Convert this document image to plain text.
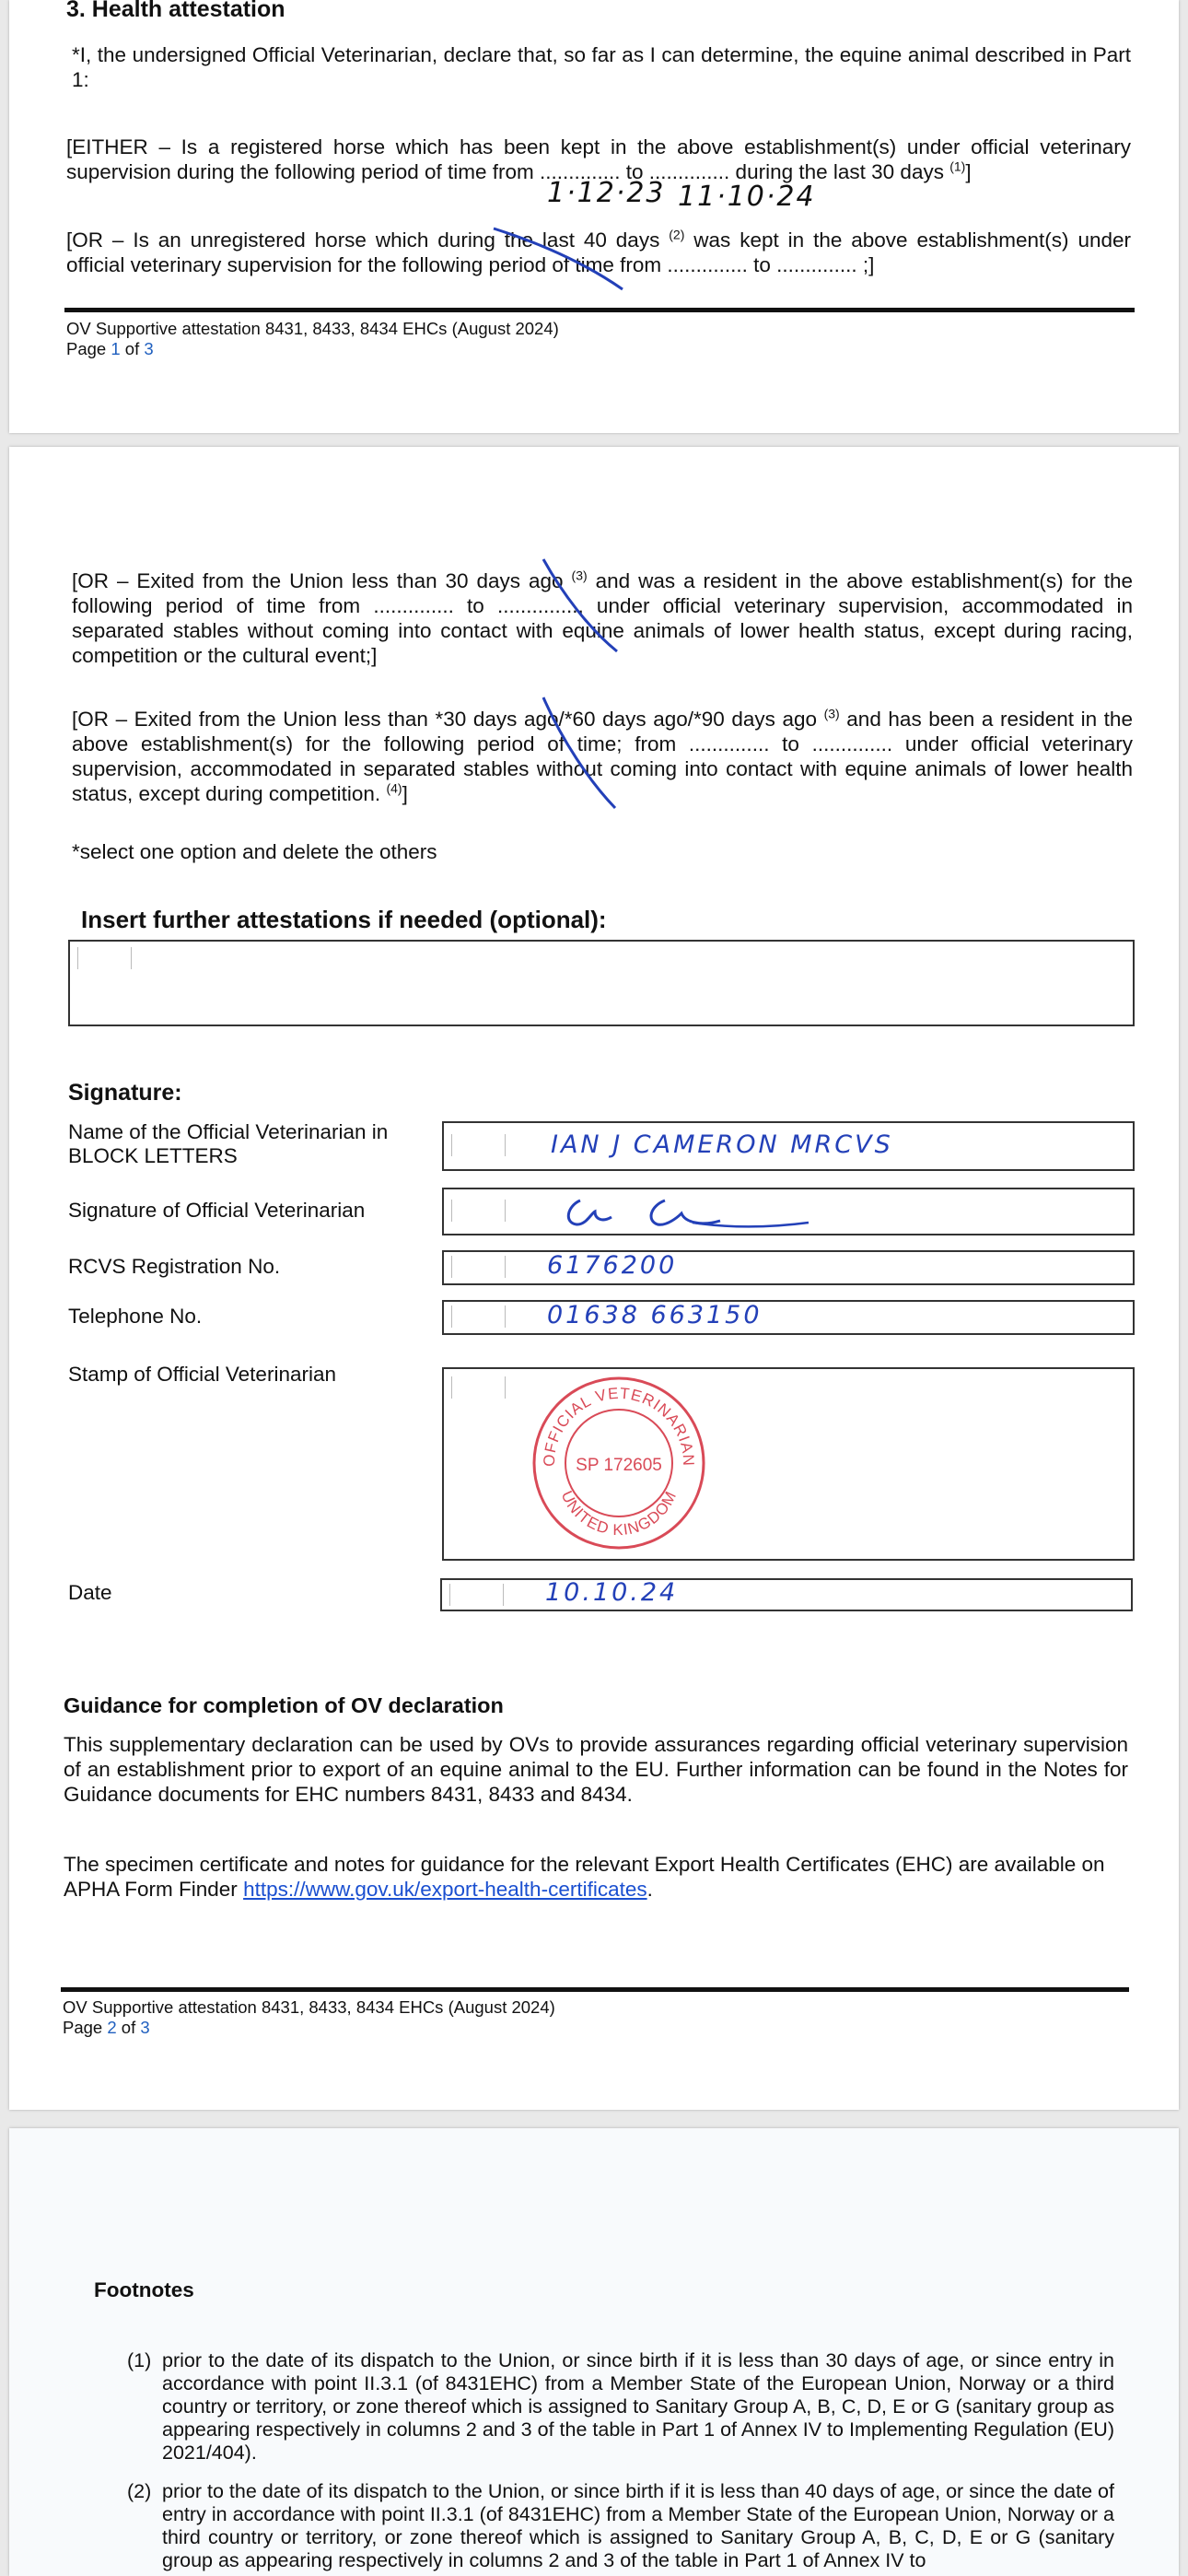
3. Health attestation
*I, the undersigned Official Veterinarian, declare that, so far as I can determine, the equine animal described in Part 1:
[EITHER – Is a registered horse which has been kept in the above establishment(s) under official veterinary supervision during the following period of time from .............. to .............. during the last 30 days $^{(1)}$]
1·12·23 11·10·24
[OR – Is an unregistered horse which during the last 40 days $^{(2)}$ was kept in the above establishment(s) under official veterinary supervision for the following period of time from .............. to .............. ;]
OV Supportive attestation 8431, 8433, 8434 EHCs (August 2024)
Page 1 of 3
[OR – Exited from the Union less than 30 days ago $^{(3)}$ and was a resident in the above establishment(s) for the following period of time from .............. to .............., under official veterinary supervision, accommodated in separated stables without coming into contact with equine animals of lower health status, except during racing, competition or the cultural event;]
[OR – Exited from the Union less than *30 days ago/*60 days ago/*90 days ago $^{(3)}$ and has been a resident in the above establishment(s) for the following period of time; from .............. to .............. under official veterinary supervision, accommodated in separated stables without coming into contact with equine animals of lower health status, except during competition. $^{(4)}$]
*select one option and delete the others
Insert further attestations if needed (optional):
Signature:
Name of the Official Veterinarian in BLOCK LETTERS	IAN J CAMERON MRCVS
Signature of Official Veterinarian
RCVS Registration No.	6176200
Telephone No.	01638 663150
Stamp of Official Veterinarian
OFFICIAL VETERINARIAN
UNITED KINGDOM
SP 172605
Date	10.10.24
Guidance for completion of OV declaration
This supplementary declaration can be used by OVs to provide assurances regarding official veterinary supervision of an establishment prior to export of an equine animal to the EU. Further information can be found in the Notes for Guidance documents for EHC numbers 8431, 8433 and 8434.
The specimen certificate and notes for guidance for the relevant Export Health Certificates (EHC) are available on APHA Form Finder https://www.gov.uk/export-health-certificates.
OV Supportive attestation 8431, 8433, 8434 EHCs (August 2024)
Page 2 of 3
Footnotes
(1) prior to the date of its dispatch to the Union, or since birth if it is less than 30 days of age, or since entry in accordance with point II.3.1 (of 8431EHC) from a Member State of the European Union, Norway or a third country or territory, or zone thereof which is assigned to Sanitary Group A, B, C, D, E or G (sanitary group as appearing respectively in columns 2 and 3 of the table in Part 1 of Annex IV to Implementing Regulation (EU) 2021/404).
(2) prior to the date of its dispatch to the Union, or since birth if it is less than 40 days of age, or since the date of entry in accordance with point II.3.1 (of 8431EHC) from a Member State of the European Union, Norway or a third country or territory, or zone thereof which is assigned to Sanitary Group A, B, C, D, E or G (sanitary group as appearing respectively in columns 2 and 3 of the table in Part 1 of Annex IV to
